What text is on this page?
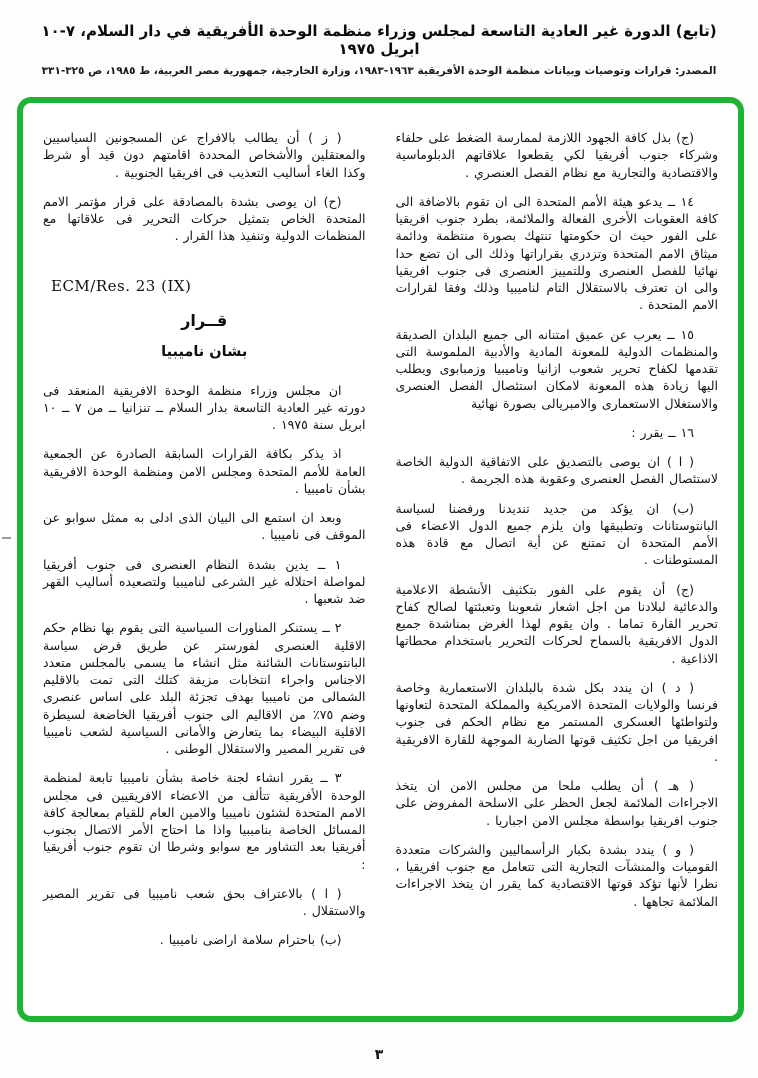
(تابع) الدورة غير العادية التاسعة لمجلس وزراء منظمة الوحدة الأفريقية في دار السلام، ٧-١٠ ابريل ١٩٧٥
المصدر: قرارات وتوصيات وبيانات منظمة الوحدة الأفريقية ١٩٦٣-١٩٨٣، وزارة الخارجية، جمهورية مصر العربية، ط ١٩٨٥، ص ٣٢٥-٣٣١

(ج) بذل كافة الجهود اللازمة لممارسة الضغط على حلفاء وشركاء جنوب أفريقيا لكي يقطعوا علاقاتهم الدبلوماسية والاقتصادية والتجارية مع نظام الفصل العنصري .

١٤ ــ يدعو هيئة الأمم المتحدة الى ان تقوم بالاضافة الى كافة العقوبات الأخرى الفعالة والملائمة، بطرد جنوب افريقيا على الفور حيث ان حكومتها تنتهك بصورة منتظمة ودائمة ميثاق الامم المتحدة وتزدري بقراراتها وذلك الى ان تضع حدا نهائيا للفصل العنصرى وللتمييز العنصرى فى جنوب افريقيا والى ان تعترف بالاستقلال التام لناميبيا وذلك وفقا لقرارات الامم المتحدة .

١٥ ــ يعرب عن عميق امتنانه الى جميع البلدان الصديقة والمنظمات الدولية للمعونة المادية والأدبية الملموسة التى تقدمها لكفاح تحرير شعوب ازانيا وناميبيا وزمبابوى ويطلب اليها زيادة هذه المعونة لامكان استئصال الفصل العنصرى والاستغلال الاستعمارى والامبريالى بصورة نهائية

١٦ ــ يقرر :

( ا ) ان يوصى بالتصديق على الاتفاقية الدولية الخاصة لاستئصال الفصل العنصرى وعقوبة هذه الجريمة .

(ب) ان يؤكد من جديد تنديدنا ورفضنا لسياسة البانتوستانات وتطبيقها وان يلزم جميع الدول الاعضاء فى الأمم المتحدة ان تمتنع عن أية اتصال مع قادة هذه المستوطنات .

(ج) أن يقوم على الفور بتكثيف الأنشطة الاعلامية والدعائية لبلادنا من اجل اشعار شعوبنا وتعبئتها لصالح كفاح تحرير القارة تماما . وان يقوم لهذا الغرض بمناشدة جميع الدول الافريقية بالسماح لحركات التحرير باستخدام محطاتها الاذاعية .

( د ) ان يندد بكل شدة بالبلدان الاستعمارية وخاصة فرنسا والولايات المتحدة الامريكية والمملكة المتحدة لتعاونها ولتواطئها العسكرى المستمر مع نظام الحكم فى جنوب افريقيا من اجل تكثيف قوتها الضاربة الموجهة للقارة الافريقية .

( هـ ) أن يطلب ملحا من مجلس الامن ان يتخذ الاجراءات الملائمة لجعل الحظر على الاسلحة المفروض على جنوب افريقيا بواسطة مجلس الامن اجباريا .

( و ) يندد بشدة بكبار الرأسماليين والشركات متعددة القوميات والمنشآت التجارية التى تتعامل مع جنوب افريقيا ، نظرا لأنها تؤكد قوتها الاقتصادية كما يقرر ان يتخذ الاجراءات الملائمة تجاهها .

( ز ) أن يطالب بالافراج عن المسجونين السياسيين والمعتقلين والأشخاص المحددة اقامتهم دون قيد أو شرط وكذا الغاء أساليب التعذيب فى افريقيا الجنوبية .

(ح) ان يوصى بشدة بالمصادقة على قرار مؤتمر الامم المتحدة الخاص بتمثيل حركات التحرير فى علاقاتها مع المنظمات الدولية وتنفيذ هذا القرار .

ECM/Res. 23 (IX)
قــرار
بشان ناميبيا

ان مجلس وزراء منظمة الوحدة الافريقية المنعقد فى دورته غير العادية التاسعة بدار السلام ــ تنزانيا ــ من ٧ ــ ١٠ ابريل سنة ١٩٧٥ .

اذ يذكر بكافة القرارات السابقة الصادرة عن الجمعية العامة للأمم المتحدة ومجلس الامن ومنظمة الوحدة الافريقية بشأن ناميبيا .

وبعد ان استمع الى البيان الذى ادلى به ممثل سوابو عن الموقف فى ناميبيا .

١ ــ يدين بشدة النظام العنصرى فى جنوب أفريقيا لمواصلة احتلاله غير الشرعى لناميبيا ولتصعيده أساليب القهر ضد شعبها .

٢ ــ يستنكر المناورات السياسية التى يقوم بها نظام حكم الاقلية العنصرى لفورستر عن طريق فرض سياسة البانتوستانات الشائنة مثل انشاء ما يسمى بالمجلس متعدد الاجناس واجراء انتخابات مزيفة كتلك التى تمت بالاقليم الشمالى من ناميبيا بهدف تجزئة البلد على اساس عنصرى وضم ٧٥٪ من الاقاليم الى جنوب أفريقيا الخاضعة لسيطرة الاقلية البيضاء بما يتعارض والأمانى السياسية لشعب ناميبيا فى تقرير المصير والاستقلال الوطنى .

٣ ــ يقرر انشاء لجنة خاصة بشأن ناميبيا تابعة لمنظمة الوحدة الأفريقية تتألف من الاعضاء الافريقيين فى مجلس الامم المتحدة لشئون ناميبيا والامين العام للقيام بمعالجة كافة المسائل الخاصة بناميبيا واذا ما احتاج الأمر الاتصال بجنوب أفريقيا بعد التشاور مع سوابو وشرطا ان تقوم جنوب أفريقيا :

( ا ) بالاعتراف بحق شعب ناميبيا فى تقرير المصير والاستقلال .

(ب) باحترام سلامة اراضى ناميبيا .

٣
